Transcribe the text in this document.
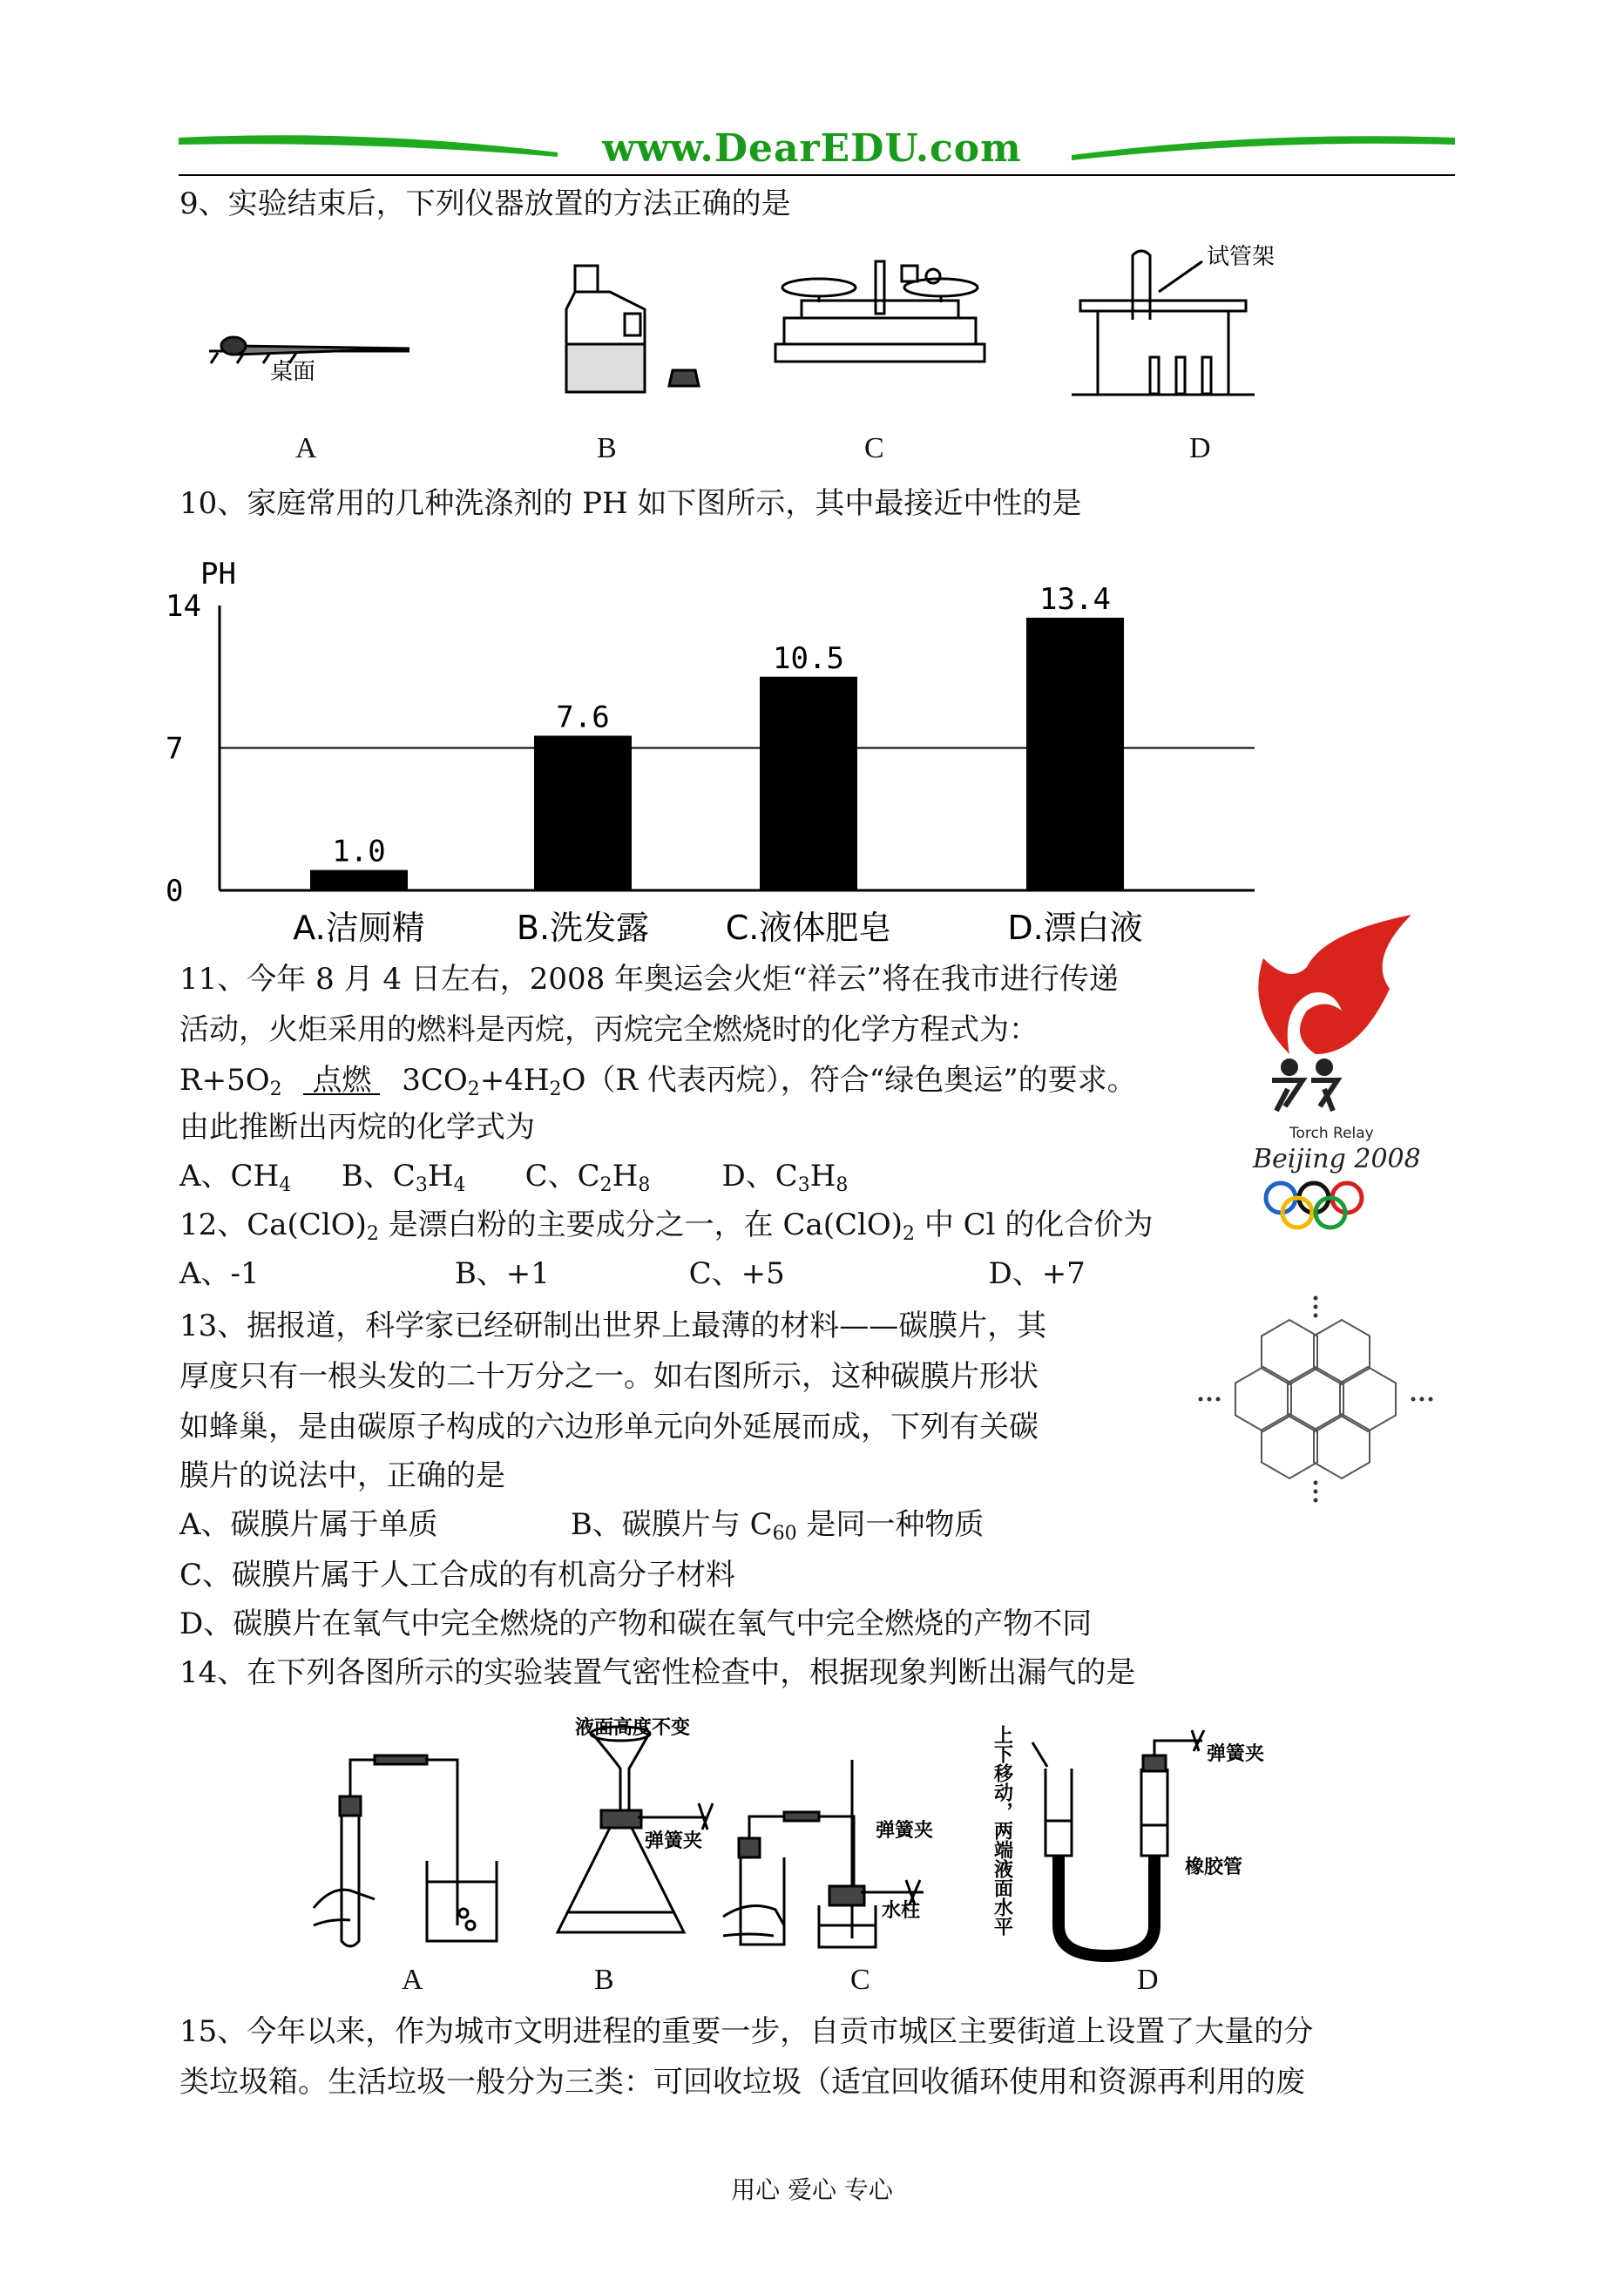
www.DearEDU.com
9、实验结束后，下列仪器放置的方法正确的是
桌面
试管架
A	B	C	D
10、家庭常用的几种洗涤剂的 PH 如下图所示，其中最接近中性的是
PH
0
7
14
1.0
A.洁厕精
7.6
B.洗发露
10.5
C.液体肥皂
13.4
D.漂白液
11、今年 8 月 4 日左右，2008 年奥运会火炬“祥云”将在我市进行传递
活动，火炬采用的燃料是丙烷，丙烷完全燃烧时的化学方程式为：
$R+5O_2$ 点燃 $3CO_2+4H_2O(R$ 代表丙烷），符合“绿色奥运”的要求。
由此推断出丙烷的化学式为
A、$CH_4$ B、$C_3H_4$ C、$C_2H_8$ D、$C_3H_8$
Torch Relay
Beijing 2008
12、$Ca(ClO)_2$ 是漂白粉的主要成分之一，在 $Ca(ClO)_2$ 中 Cl 的化合价为
A、-1	B、+1	C、+5	D、+7
13、据报道，科学家已经研制出世界上最薄的材料——碳膜片，其
厚度只有一根头发的二十万分之一。如右图所示，这种碳膜片形状
如蜂巢，是由碳原子构成的六边形单元向外延展而成，下列有关碳
膜片的说法中，正确的是
A、碳膜片属于单质	B、碳膜片与 $C_{60}$ 是同一种物质
C、碳膜片属于人工合成的有机高分子材料
D、碳膜片在氧气中完全燃烧的产物和碳在氧气中完全燃烧的产物不同
14、在下列各图所示的实验装置气密性检查中，根据现象判断出漏气的是
液面高度不变
弹簧夹	弹簧夹
水柱
弹簧夹
橡胶管
上下移动，两端液面水平
A	B	C	D
15、今年以来，作为城市文明进程的重要一步，自贡市城区主要街道上设置了大量的分
类垃圾箱。生活垃圾一般分为三类：可回收垃圾（适宜回收循环使用和资源再利用的废
用心 爱心 专心
